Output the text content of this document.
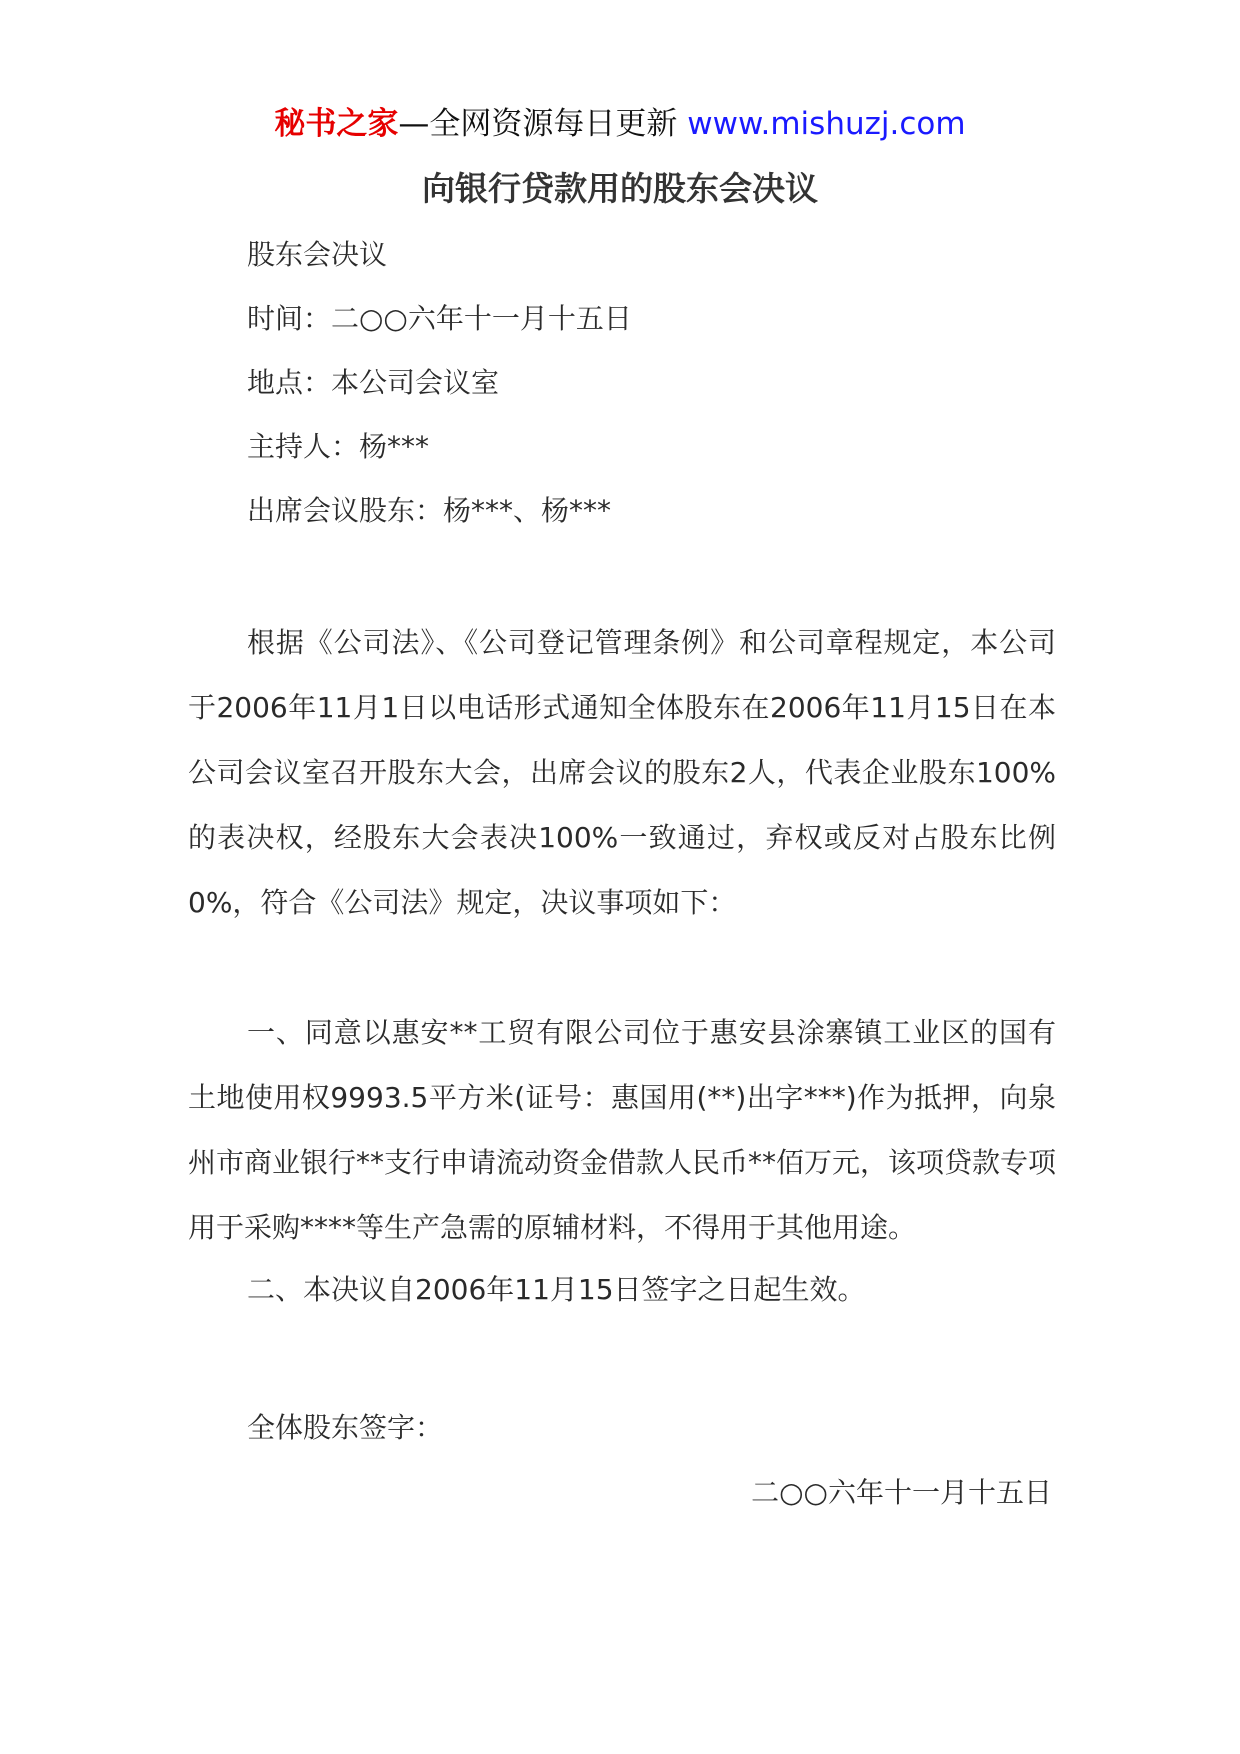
秘书之家—全网资源每日更新 www.mishuzj.com
向银行贷款用的股东会决议
股东会决议
时间：二○○六年十一月十五日
地点：本公司会议室
主持人：杨***
出席会议股东：杨***、杨***
根据《公司法》、《公司登记管理条例》和公司章程规定，本公司于2006年11月1日以电话形式通知全体股东在2006年11月15日在本公司会议室召开股东大会，出席会议的股东2人，代表企业股东100%的表决权，经股东大会表决100%一致通过，弃权或反对占股东比例0%，符合《公司法》规定，决议事项如下：
一、同意以惠安**工贸有限公司位于惠安县涂寨镇工业区的国有土地使用权9993.5平方米(证号：惠国用(**)出字***)作为抵押，向泉州市商业银行**支行申请流动资金借款人民币**佰万元，该项贷款专项用于采购****等生产急需的原辅材料，不得用于其他用途。
二、本决议自2006年11月15日签字之日起生效。
全体股东签字：
二○○六年十一月十五日
